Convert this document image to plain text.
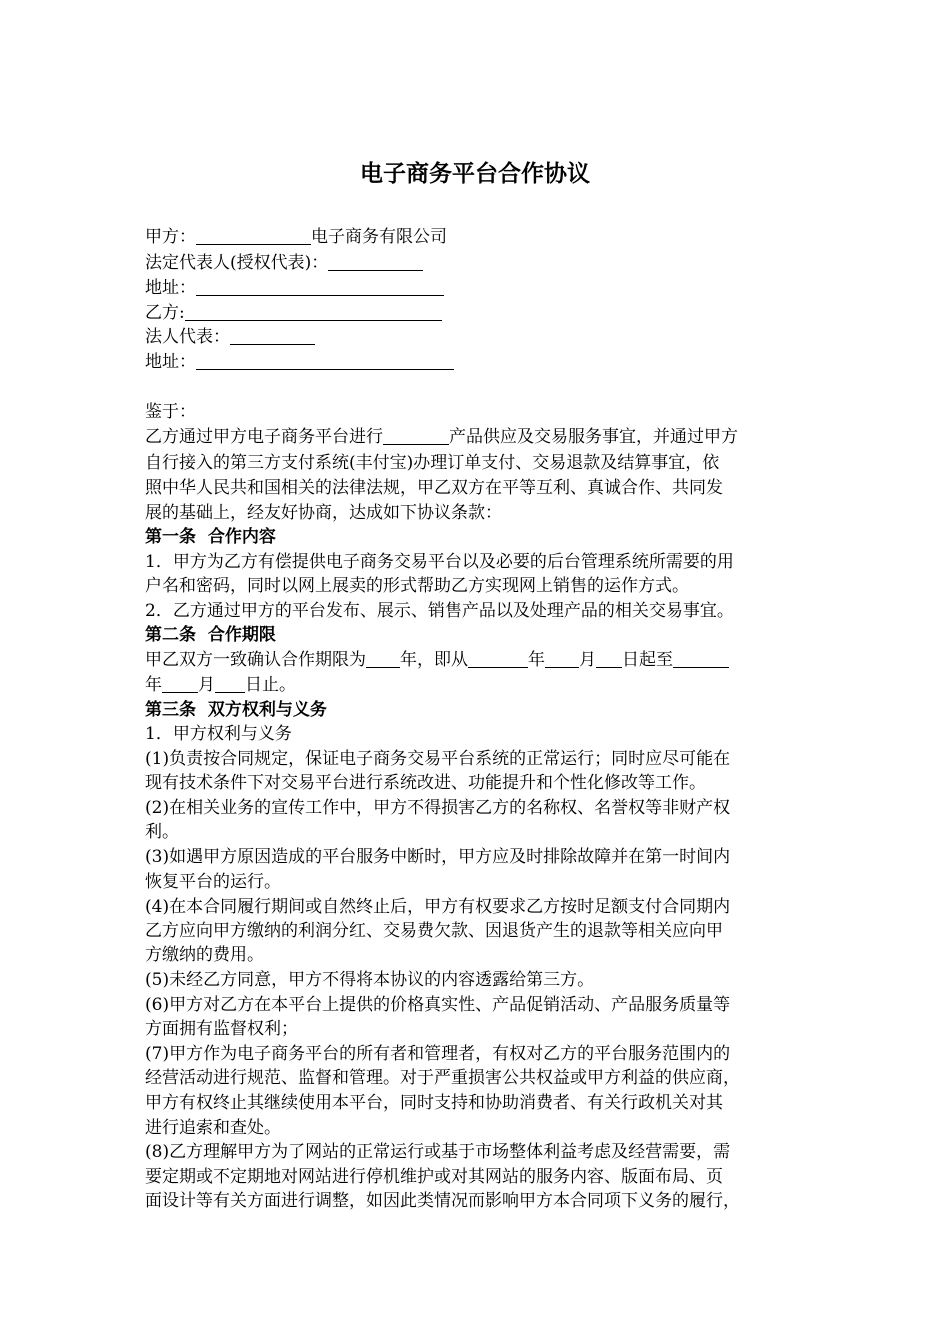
电子商务平台合作协议
甲方：	电子商务有限公司
法定代表人(授权代表)：
地址：
乙方:
法人代表：
地址：
鉴于：
乙方通过甲方电子商务平台进行	产品供应及交易服务事宜，并通过甲方
自行接入的第三方支付系统(丰付宝)办理订单支付、交易退款及结算事宜，依
照中华人民共和国相关的法律法规，甲乙双方在平等互利、真诚合作、共同发
展的基础上，经友好协商，达成如下协议条款：
第一条  合作内容
1．甲方为乙方有偿提供电子商务交易平台以及必要的后台管理系统所需要的用
户名和密码，同时以网上展卖的形式帮助乙方实现网上销售的运作方式。
2．乙方通过甲方的平台发布、展示、销售产品以及处理产品的相关交易事宜。
第二条  合作期限
甲乙双方一致确认合作期限为 年，即从	年 月 日起至
年 月 日止。
第三条  双方权利与义务
1．甲方权利与义务
(1)负责按合同规定，保证电子商务交易平台系统的正常运行；同时应尽可能在
现有技术条件下对交易平台进行系统改进、功能提升和个性化修改等工作。
(2)在相关业务的宣传工作中，甲方不得损害乙方的名称权、名誉权等非财产权
利。
(3)如遇甲方原因造成的平台服务中断时，甲方应及时排除故障并在第一时间内
恢复平台的运行。
(4)在本合同履行期间或自然终止后，甲方有权要求乙方按时足额支付合同期内
乙方应向甲方缴纳的利润分红、交易费欠款、因退货产生的退款等相关应向甲
方缴纳的费用。
(5)未经乙方同意，甲方不得将本协议的内容透露给第三方。
(6)甲方对乙方在本平台上提供的价格真实性、产品促销活动、产品服务质量等
方面拥有监督权利；
(7)甲方作为电子商务平台的所有者和管理者，有权对乙方的平台服务范围内的
经营活动进行规范、监督和管理。对于严重损害公共权益或甲方利益的供应商，
甲方有权终止其继续使用本平台，同时支持和协助消费者、有关行政机关对其
进行追索和查处。
(8)乙方理解甲方为了网站的正常运行或基于市场整体利益考虑及经营需要，需
要定期或不定期地对网站进行停机维护或对其网站的服务内容、版面布局、页
面设计等有关方面进行调整，如因此类情况而影响甲方本合同项下义务的履行，
